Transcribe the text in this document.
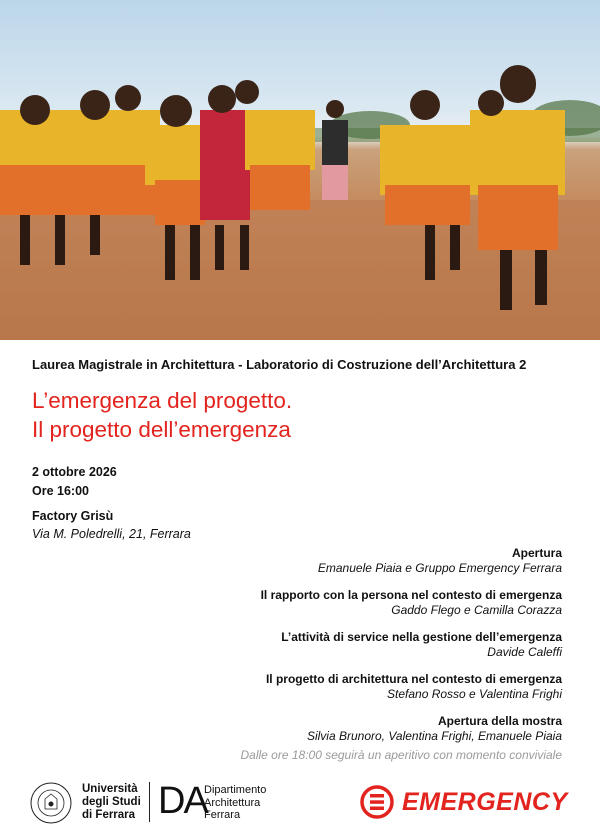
Laurea Magistrale in Architettura - Laboratorio di Costruzione dell’Architettura 2
L’emergenza del progetto.
Il progetto dell’emergenza
2 ottobre 2026
Ore 16:00
Factory Grisù
Via M. Poledrelli, 21, Ferrara
Apertura
Emanuele Piaia e Gruppo Emergency Ferrara
Il rapporto con la persona nel contesto di emergenza
Gaddo Flego e Camilla Corazza
L’attività di service nella gestione dell’emergenza
Davide Caleffi
Il progetto di architettura nel contesto di emergenza
Stefano Rosso e Valentina Frighi
Apertura della mostra
Silvia Brunoro, Valentina Frighi, Emanuele Piaia
Dalle ore 18:00 seguirà un aperitivo con momento conviviale
Università
degli Studi
di Ferrara DA
Dipartimento
Architettura
Ferrara	EMERGENCY
